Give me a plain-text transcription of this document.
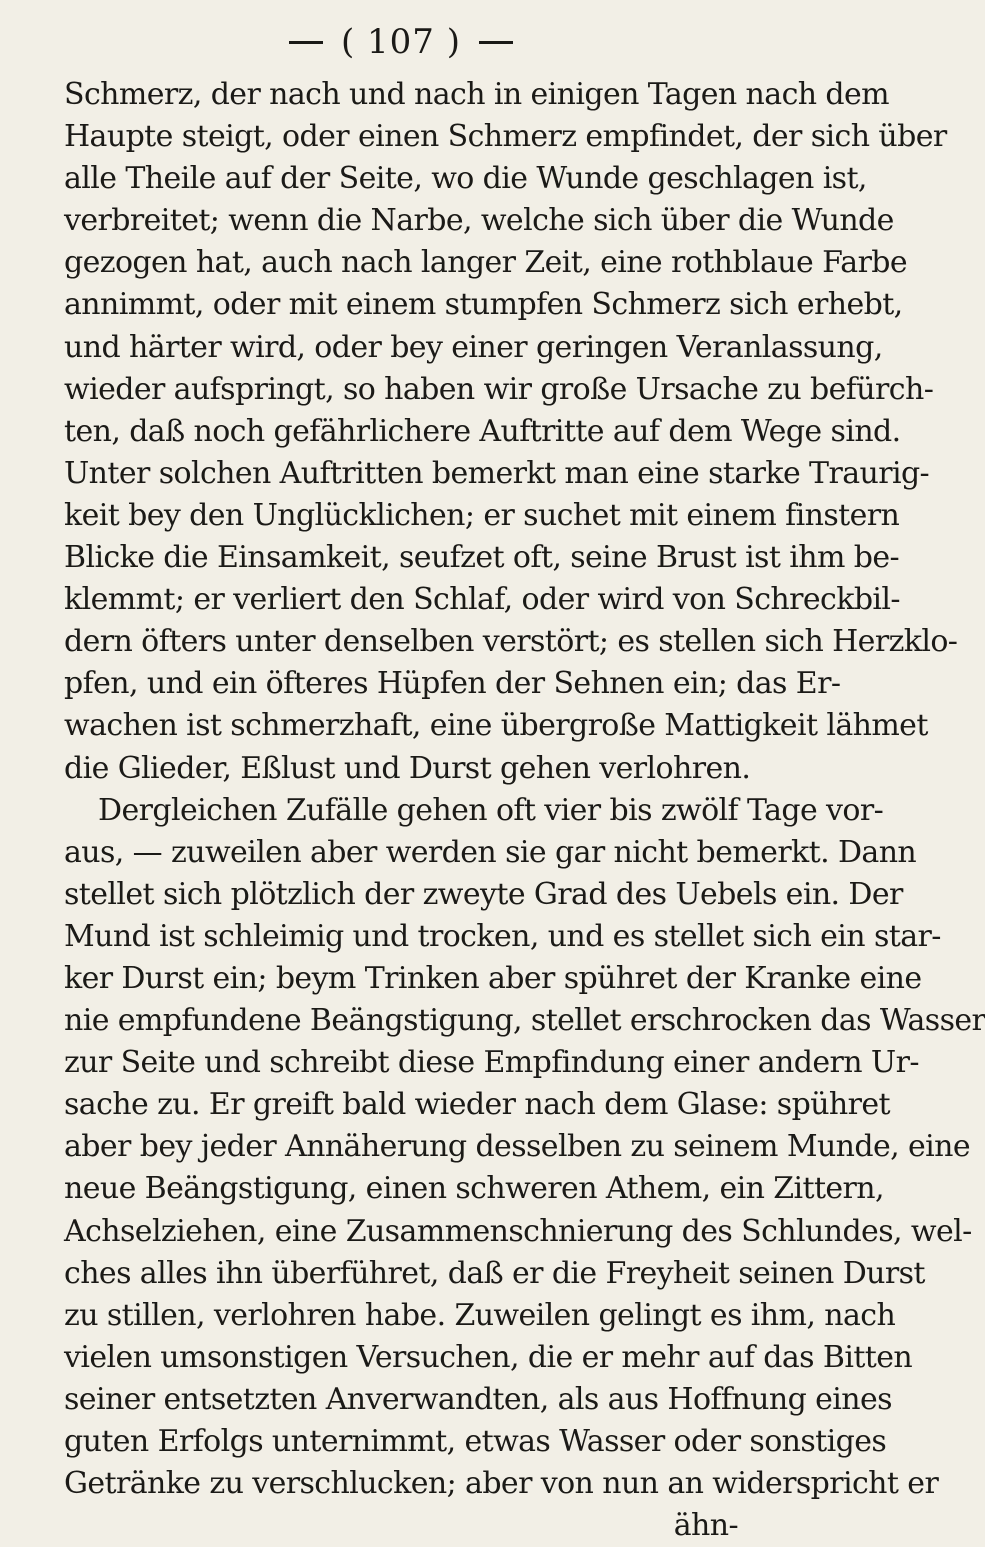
( 107 )
Schmerz, der nach und nach in einigen Tagen nach dem
Haupte steigt, oder einen Schmerz empfindet, der sich über
alle Theile auf der Seite, wo die Wunde geschlagen ist,
verbreitet; wenn die Narbe, welche sich über die Wunde
gezogen hat, auch nach langer Zeit, eine rothblaue Farbe
annimmt, oder mit einem stumpfen Schmerz sich erhebt,
und härter wird, oder bey einer geringen Veranlassung,
wieder aufspringt, so haben wir große Ursache zu befürch-
ten, daß noch gefährlichere Auftritte auf dem Wege sind.
Unter solchen Auftritten bemerkt man eine starke Traurig-
keit bey den Unglücklichen; er suchet mit einem finstern
Blicke die Einsamkeit, seufzet oft, seine Brust ist ihm be-
klemmt; er verliert den Schlaf, oder wird von Schreckbil-
dern öfters unter denselben verstört; es stellen sich Herzklo-
pfen, und ein öfteres Hüpfen der Sehnen ein; das Er-
wachen ist schmerzhaft, eine übergroße Mattigkeit lähmet
die Glieder, Eßlust und Durst gehen verlohren.
Dergleichen Zufälle gehen oft vier bis zwölf Tage vor-
aus, — zuweilen aber werden sie gar nicht bemerkt. Dann
stellet sich plötzlich der zweyte Grad des Uebels ein. Der
Mund ist schleimig und trocken, und es stellet sich ein star-
ker Durst ein; beym Trinken aber spühret der Kranke eine
nie empfundene Beängstigung, stellet erschrocken das Wasser
zur Seite und schreibt diese Empfindung einer andern Ur-
sache zu. Er greift bald wieder nach dem Glase: spühret
aber bey jeder Annäherung desselben zu seinem Munde, eine
neue Beängstigung, einen schweren Athem, ein Zittern,
Achselziehen, eine Zusammenschnierung des Schlundes, wel-
ches alles ihn überführet, daß er die Freyheit seinen Durst
zu stillen, verlohren habe. Zuweilen gelingt es ihm, nach
vielen umsonstigen Versuchen, die er mehr auf das Bitten
seiner entsetzten Anverwandten, als aus Hoffnung eines
guten Erfolgs unternimmt, etwas Wasser oder sonstiges
Getränke zu verschlucken; aber von nun an widerspricht er
ähn-
